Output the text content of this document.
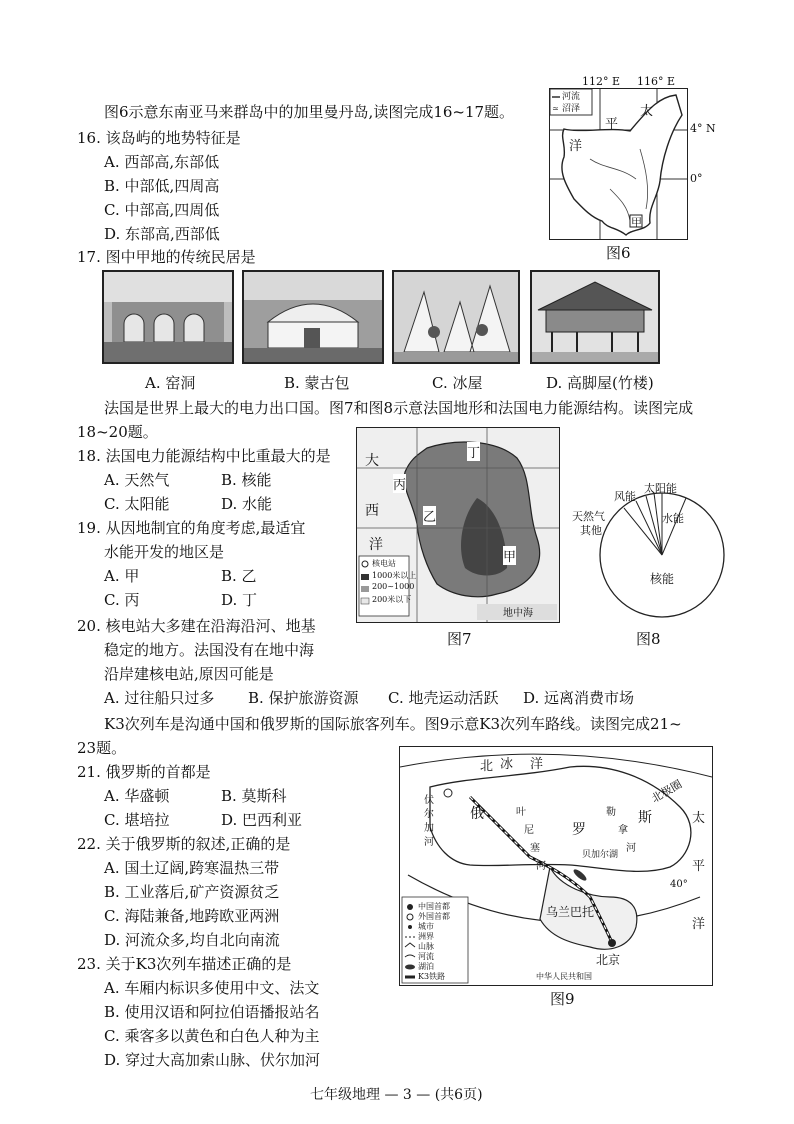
图6示意东南亚马来群岛中的加里曼丹岛,读图完成16~17题。
16. 该岛屿的地势特征是
A. 西部高,东部低
B. 中部低,四周高
C. 中部高,四周低
D. 东部高,西部低
112° E 116° E
≃
河流
沼泽	太
平
洋
甲
4° N
0°
图6
17. 图中甲地的传统民居是
A. 窑洞	B. 蒙古包	C. 冰屋	D. 高脚屋(竹楼)
法国是世界上最大的电力出口国。图7和图8示意法国地形和法国电力能源结构。读图完成
18~20题。
18. 法国电力能源结构中比重最大的是
A. 天然气	B. 核能
C. 太阳能	D. 水能
19. 从因地制宜的角度考虑,最适宜
水能开发的地区是
A. 甲	B. 乙
C. 丙	D. 丁
20. 核电站大多建在沿海沿河、地基
稳定的地方。法国没有在地中海
沿岸建核电站,原因可能是
A. 过往船只过多 B. 保护旅游资源 C. 地壳运动活跃 D. 远离消费市场
大
西
洋
丙
乙
丁
甲
地中海
核电站
1000米以上
200~1000
200米以下
图7
风能
太阳能
天然气
其他
水能
核能
图8
K3次列车是沟通中国和俄罗斯的国际旅客列车。图9示意K3次列车路线。读图完成21~
23题。
21. 俄罗斯的首都是
A. 华盛顿	B. 莫斯科
C. 堪培拉	D. 巴西利亚
22. 关于俄罗斯的叙述,正确的是
A. 国土辽阔,跨寒温热三带
B. 工业落后,矿产资源贫乏
C. 海陆兼备,地跨欧亚两洲
D. 河流众多,均自北向南流
23. 关于K3次列车描述正确的是
A. 车厢内标识多使用中文、法文
B. 使用汉语和阿拉伯语播报站名
C. 乘客多以黄色和白色人种为主
D. 穿过大高加索山脉、伏尔加河
北 冰 洋
北极圈
太
平
洋
40°
俄
罗
斯
叶
尼
塞
河
勒
拿
河
贝加尔湖
乌兰巴托
北京
伏
尔
加
河
中国首都
外国首都
城市
洲界
山脉
河流
湖泊
K3铁路	中华人民共和国
图9
七年级地理 — 3 — (共6页)
